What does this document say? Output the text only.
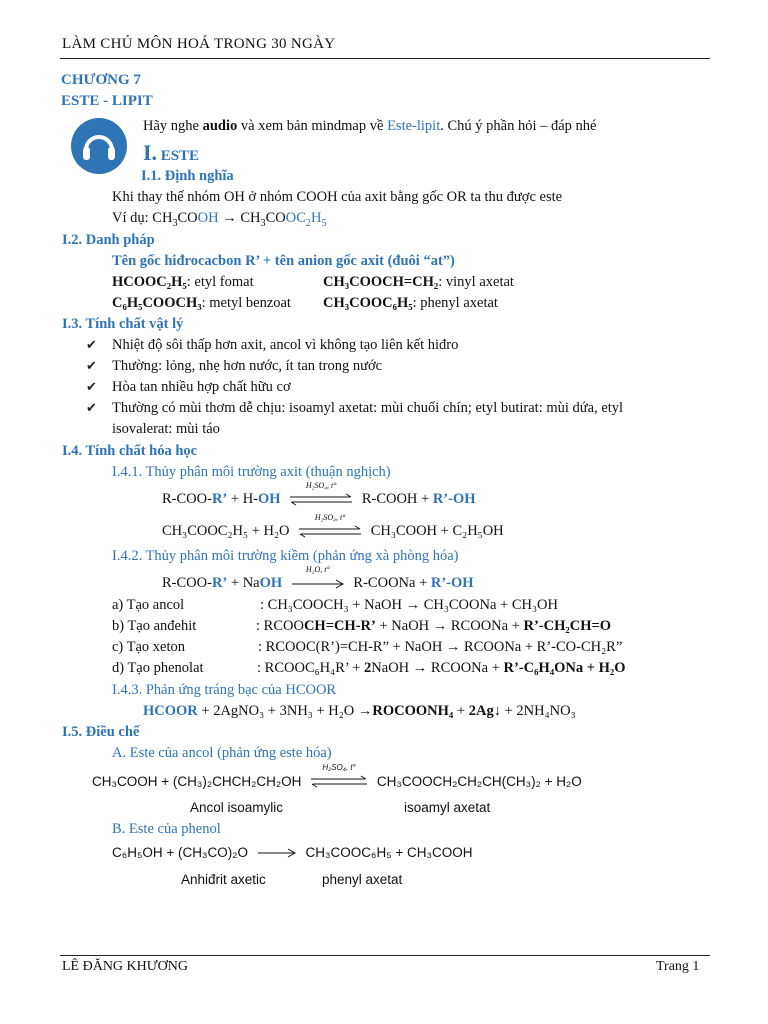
LÀM CHỦ MÔN HOÁ TRONG 30 NGÀY
CHƯƠNG 7
ESTE - LIPIT
Hãy nghe audio và xem bản mindmap về Este-lipit. Chú ý phần hỏi – đáp nhé
I. ESTE
I.1. Định nghĩa
Khi thay thế nhóm OH ở nhóm COOH của axit bằng gốc OR ta thu được este
Ví dụ: $CH_3COOH$ → $CH_3COOC_2H_5$
I.2. Danh pháp
Tên gốc hiđrocacbon R’ + tên anion gốc axit (đuôi “at”)
HCOOC₂H₅: etyl fomat	CH₃COOCH=CH₂: vinyl axetat
C₆H₅COOCH₃: metyl benzoat CH₃COOC₆H₅: phenyl axetat
I.3. Tính chất vật lý
✔ Nhiệt độ sôi thấp hơn axit, ancol vì không tạo liên kết hiđro
✔ Thường: lỏng, nhẹ hơn nước, ít tan trong nước
✔ Hòa tan nhiều hợp chất hữu cơ
✔ Thường có mùi thơm dễ chịu: isoamyl axetat: mùi chuối chín; etyl butirat: mùi dứa, etyl
isovalerat: mùi táo
I.4. Tính chất hóa học
I.4.1. Thủy phân môi trường axit (thuận nghịch)
R-COO-R’ + H-OH
H₂SO₄, t°
R-COOH + R’-OH
CH₃COOC₂H₅ + H₂O
H₂SO₄, t°
CH₃COOH + C₂H₅OH
I.4.2. Thủy phân môi trường kiềm (phản ứng xà phòng hóa)
R-COO-R’ + NaOH
H₂O, t°
R-COONa + R’-OH
a) Tạo ancol	: CH₃COOCH₃ + NaOH → CH₃COONa + CH₃OH
b) Tạo anđehit	: RCOOCH=CH-R’ + NaOH → RCOONa + R’-CH₂CH=O
c) Tạo xeton	: RCOOC(R’)=CH-R” + NaOH → RCOONa + R’-CO-CH₂R”
d) Tạo phenolat	: RCOOC₆H₄R’ + 2NaOH → RCOONa + R’-C₆H₄ONa + H₂O
I.4.3. Phản ứng tráng bạc của HCOOR
HCOOR + 2AgNO₃ + 3NH₃ + H₂O →ROCOONH₄ + 2Ag↓ + 2NH₄NO₃
I.5. Điều chế
A. Este của ancol (phản ứng este hóa)
CH₃COOH + (CH₃)₂CHCH₂CH₂OH
H₂SO₄, t°
CH₃COOCH₂CH₂CH(CH₃)₂ + H₂O
Ancol isoamylic	isoamyl axetat
B. Este của phenol
C₆H₅OH + (CH₃CO)₂O	CH₃COOC₆H₅ + CH₃COOH
Anhiđrit axetic	phenyl axetat
LÊ ĐĂNG KHƯƠNG	Trang 1
